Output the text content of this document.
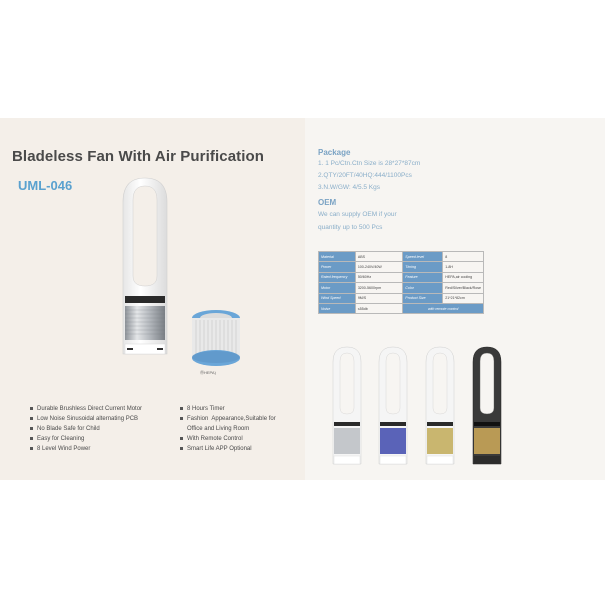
Bladeless Fan With Air Purification
UML-046
带HEPA)
Durable Brushless Direct Current Motor
Low Noise Sinusoidal alternating PCB
No Blade Safe for Child
Easy for Cleaning
8 Level Wind Power
8 Hours Timer
Fashion  Appearance,Suitable for
Office and Living Room
With Remote Control
Smart Life APP Optional
Package
1. 1 Pc/Ctn.Ctn Size is 28*27*87cm
2.QTY/20FT/40HQ:444/1100Pcs
3.N.W/GW: 4/5.5 Kgs
OEM
We can supply OEM if your
quantity up to 500 Pcs
Material	ABS	Speed level	8
Power	100-240V/40W	Timing	1-8H
Rated frequency	50/60Hz	Feature	HEPA,air cooling
Motor	3200-5600rpm	Color	Red/Silver/Black/Rose
Wind Speed	9M/S	Product Size	21*21*82cm
Noise	≤55db	with remote control	
